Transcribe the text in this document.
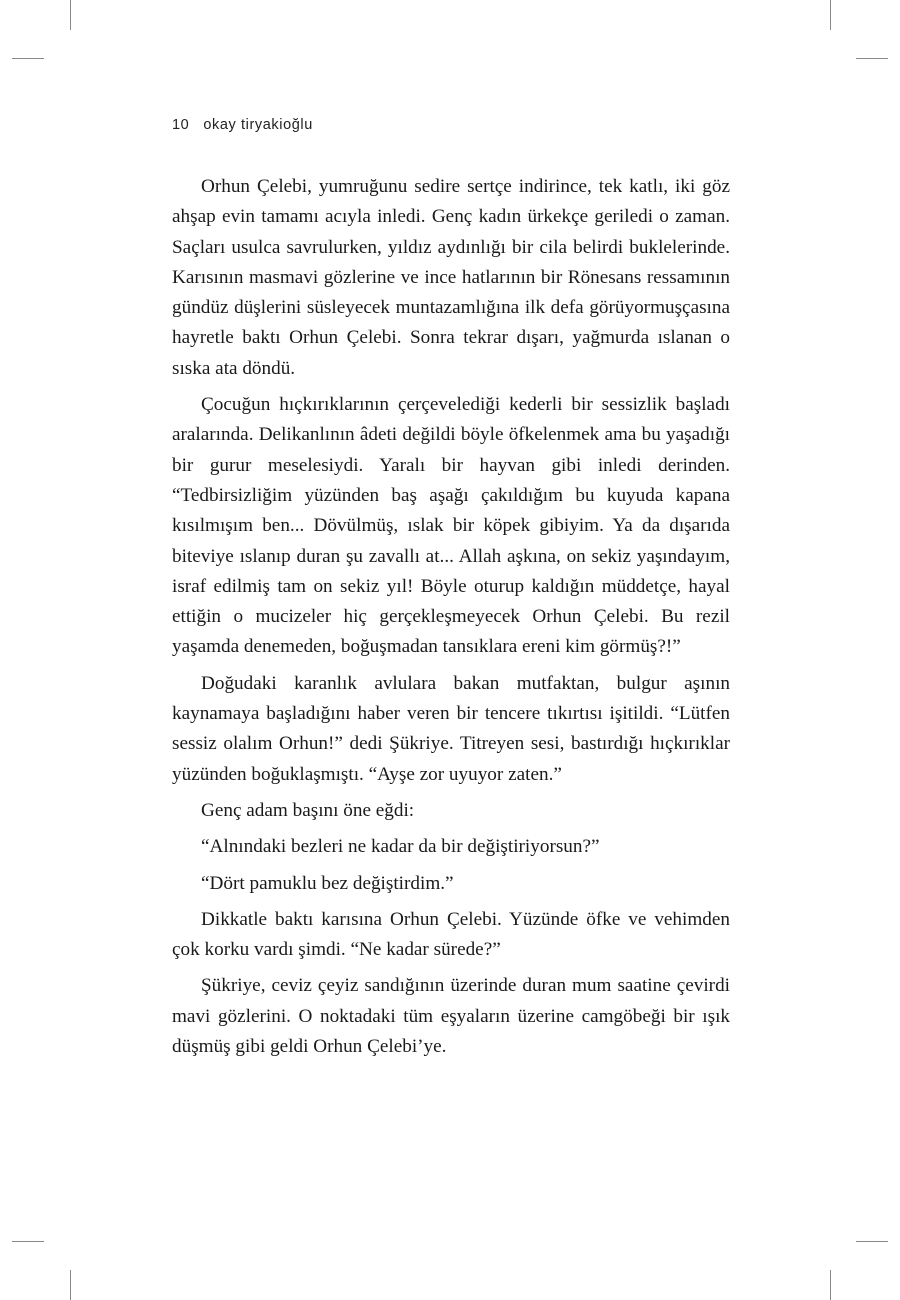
10 okay tiryakioğlu

Orhun Çelebi, yumruğunu sedire sertçe indirince, tek katlı, iki göz ahşap evin tamamı acıyla inledi. Genç kadın ürkekçe geriledi o zaman. Saçları usulca savrulurken, yıldız aydınlığı bir cila belirdi buklelerinde. Karısının masmavi gözlerine ve ince hatlarının bir Rönesans ressamının gündüz düşlerini süsleyecek muntazamlığına ilk defa görüyormuşçasına hayretle baktı Orhun Çelebi. Sonra tekrar dışarı, yağmurda ıslanan o sıska ata döndü.

Çocuğun hıçkırıklarının çerçevelediği kederli bir sessizlik başladı aralarında. Delikanlının âdeti değildi böyle öfkelenmek ama bu yaşadığı bir gurur meselesiydi. Yaralı bir hayvan gibi inledi derinden. “Tedbirsizliğim yüzünden baş aşağı çakıldığım bu kuyuda kapana kısılmışım ben... Dövülmüş, ıslak bir köpek gibiyim. Ya da dışarıda biteviye ıslanıp duran şu zavallı at... Allah aşkına, on sekiz yaşındayım, israf edilmiş tam on sekiz yıl! Böyle oturup kaldığın müddetçe, hayal ettiğin o mucizeler hiç gerçekleşmeyecek Orhun Çelebi. Bu rezil yaşamda denemeden, boğuşmadan tansıklara ereni kim görmüş?!”

Doğudaki karanlık avlulara bakan mutfaktan, bulgur aşının kaynamaya başladığını haber veren bir tencere tıkırtısı işitildi. “Lütfen sessiz olalım Orhun!” dedi Şükriye. Titreyen sesi, bastırdığı hıçkırıklar yüzünden boğuklaşmıştı. “Ayşe zor uyuyor zaten.”

Genç adam başını öne eğdi:

“Alnındaki bezleri ne kadar da bir değiştiriyorsun?”

“Dört pamuklu bez değiştirdim.”

Dikkatle baktı karısına Orhun Çelebi. Yüzünde öfke ve vehimden çok korku vardı şimdi. “Ne kadar sürede?”

Şükriye, ceviz çeyiz sandığının üzerinde duran mum saatine çevirdi mavi gözlerini. O noktadaki tüm eşyaların üzerine camgöbeği bir ışık düşmüş gibi geldi Orhun Çelebi’ye.
